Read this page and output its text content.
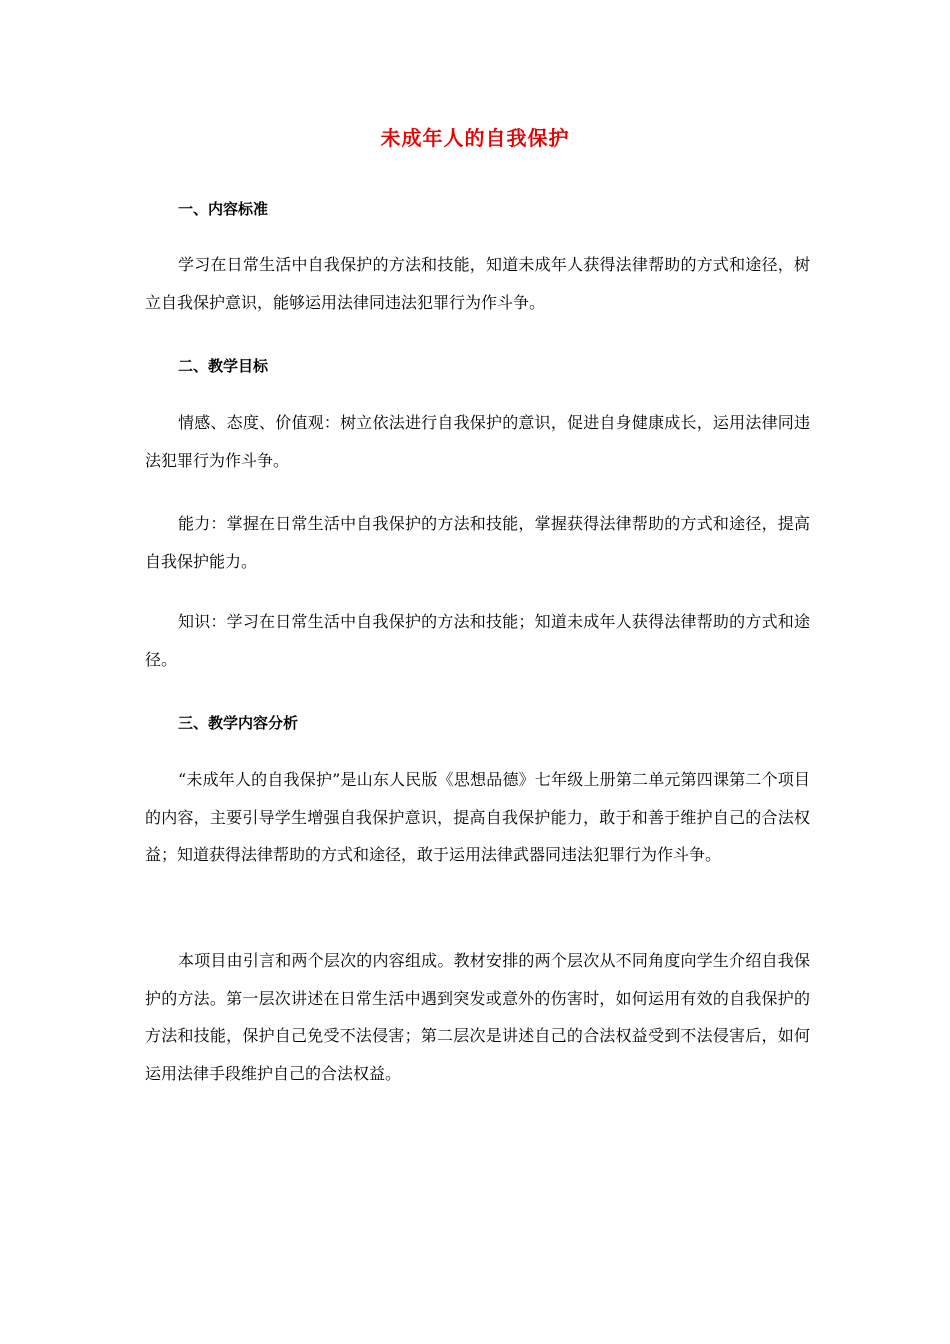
未成年人的自我保护
一、内容标准

学习在日常生活中自我保护的方法和技能，知道未成年人获得法律帮助的方式和途径，树立自我保护意识，能够运用法律同违法犯罪行为作斗争。

二、教学目标

情感、态度、价值观：树立依法进行自我保护的意识，促进自身健康成长，运用法律同违法犯罪行为作斗争。

能力：掌握在日常生活中自我保护的方法和技能，掌握获得法律帮助的方式和途径，提高自我保护能力。

知识：学习在日常生活中自我保护的方法和技能；知道未成年人获得法律帮助的方式和途径。

三、教学内容分析

“未成年人的自我保护”是山东人民版《思想品德》七年级上册第二单元第四课第二个项目的内容，主要引导学生增强自我保护意识，提高自我保护能力，敢于和善于维护自己的合法权益；知道获得法律帮助的方式和途径，敢于运用法律武器同违法犯罪行为作斗争。

本项目由引言和两个层次的内容组成。教材安排的两个层次从不同角度向学生介绍自我保护的方法。第一层次讲述在日常生活中遇到突发或意外的伤害时，如何运用有效的自我保护的方法和技能，保护自己免受不法侵害；第二层次是讲述自己的合法权益受到不法侵害后，如何运用法律手段维护自己的合法权益。
